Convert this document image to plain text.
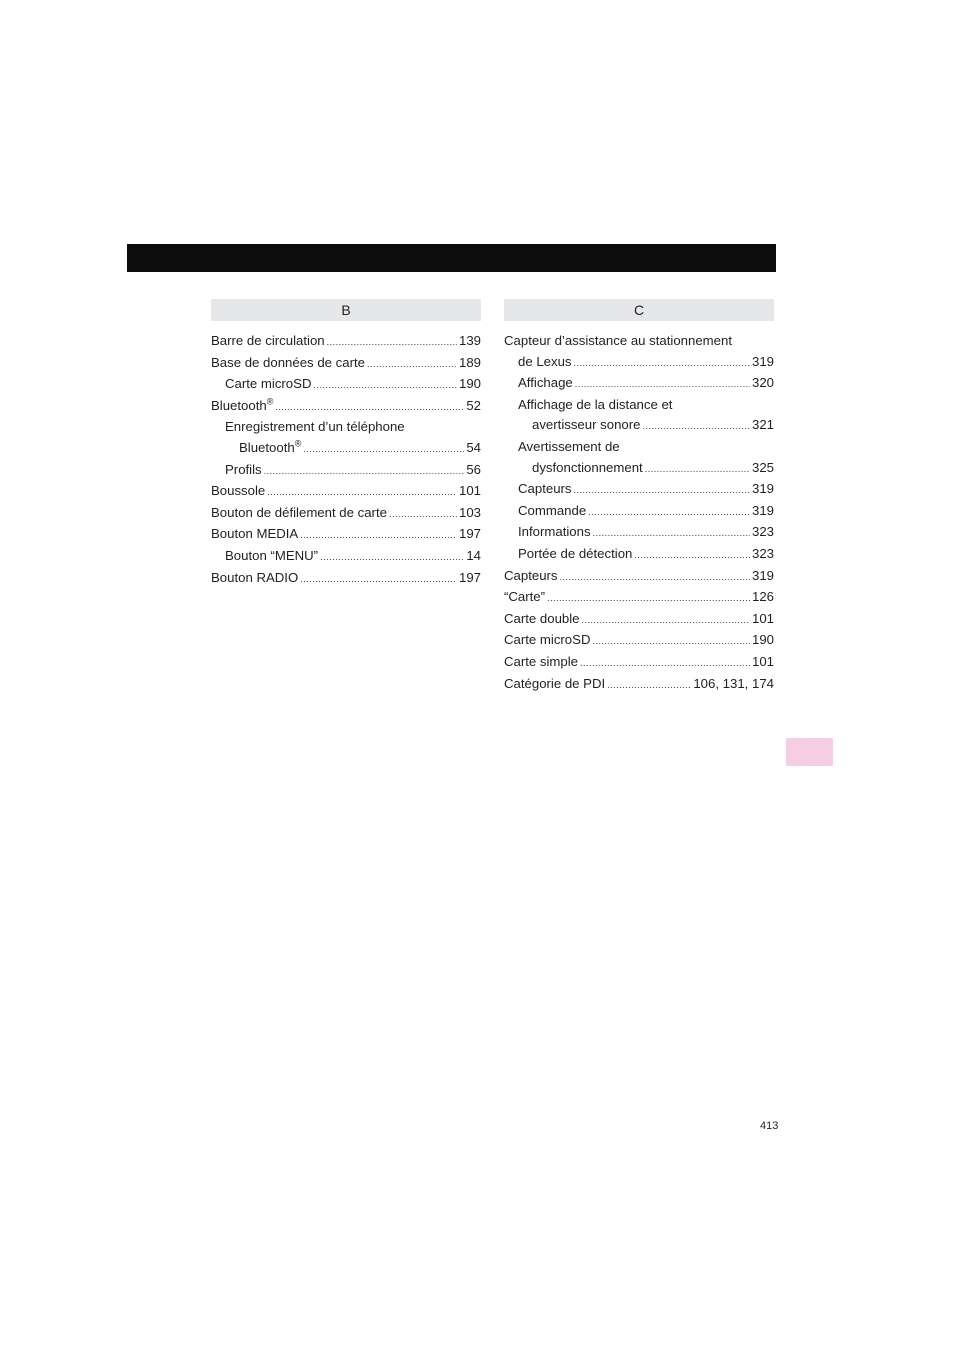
B
Barre de circulation .....	139
Base de données de carte .....	189
Carte microSD .....	190
Bluetooth® .....	52
Enregistrement d’un téléphone
Bluetooth® .....	54
Profils .....	56
Boussole .....	101
Bouton de défilement de carte .....	103
Bouton MEDIA .....	197
Bouton “MENU” .....	14
Bouton RADIO .....	197
C
Capteur d’assistance au stationnement
de Lexus .....	319
Affichage .....	320
Affichage de la distance et
avertisseur sonore .....	321
Avertissement de
dysfonctionnement .....	325
Capteurs .....	319
Commande .....	319
Informations .....	323
Portée de détection .....	323
Capteurs .....	319
“Carte” .....	126
Carte double .....	101
Carte microSD .....	190
Carte simple .....	101
Catégorie de PDI .....	106, 131, 174
413
